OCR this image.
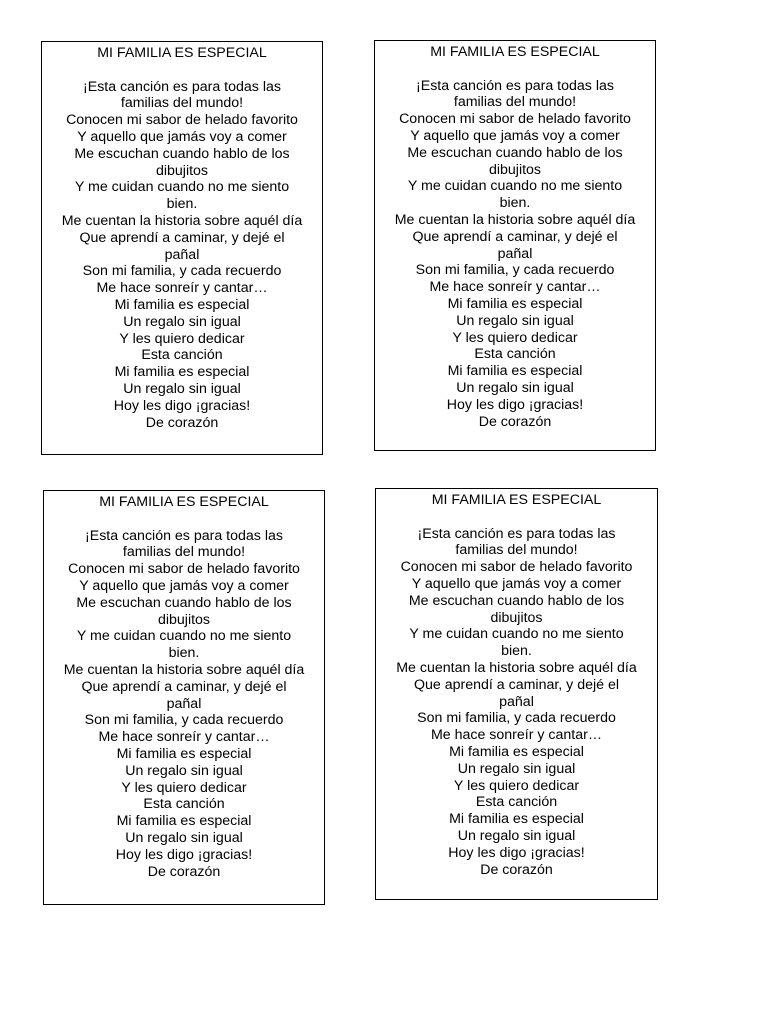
MI FAMILIA ES ESPECIAL

¡Esta canción es para todas las
familias del mundo!
Conocen mi sabor de helado favorito
Y aquello que jamás voy a comer
Me escuchan cuando hablo de los
dibujitos
Y me cuidan cuando no me siento
bien.
Me cuentan la historia sobre aquél día
Que aprendí a caminar, y dejé el
pañal
Son mi familia, y cada recuerdo
Me hace sonreír y cantar…
Mi familia es especial
Un regalo sin igual
Y les quiero dedicar
Esta canción
Mi familia es especial
Un regalo sin igual
Hoy les digo ¡gracias!
De corazón

MI FAMILIA ES ESPECIAL

¡Esta canción es para todas las
familias del mundo!
Conocen mi sabor de helado favorito
Y aquello que jamás voy a comer
Me escuchan cuando hablo de los
dibujitos
Y me cuidan cuando no me siento
bien.
Me cuentan la historia sobre aquél día
Que aprendí a caminar, y dejé el
pañal
Son mi familia, y cada recuerdo
Me hace sonreír y cantar…
Mi familia es especial
Un regalo sin igual
Y les quiero dedicar
Esta canción
Mi familia es especial
Un regalo sin igual
Hoy les digo ¡gracias!
De corazón

MI FAMILIA ES ESPECIAL

¡Esta canción es para todas las
familias del mundo!
Conocen mi sabor de helado favorito
Y aquello que jamás voy a comer
Me escuchan cuando hablo de los
dibujitos
Y me cuidan cuando no me siento
bien.
Me cuentan la historia sobre aquél día
Que aprendí a caminar, y dejé el
pañal
Son mi familia, y cada recuerdo
Me hace sonreír y cantar…
Mi familia es especial
Un regalo sin igual
Y les quiero dedicar
Esta canción
Mi familia es especial
Un regalo sin igual
Hoy les digo ¡gracias!
De corazón

MI FAMILIA ES ESPECIAL

¡Esta canción es para todas las
familias del mundo!
Conocen mi sabor de helado favorito
Y aquello que jamás voy a comer
Me escuchan cuando hablo de los
dibujitos
Y me cuidan cuando no me siento
bien.
Me cuentan la historia sobre aquél día
Que aprendí a caminar, y dejé el
pañal
Son mi familia, y cada recuerdo
Me hace sonreír y cantar…
Mi familia es especial
Un regalo sin igual
Y les quiero dedicar
Esta canción
Mi familia es especial
Un regalo sin igual
Hoy les digo ¡gracias!
De corazón
